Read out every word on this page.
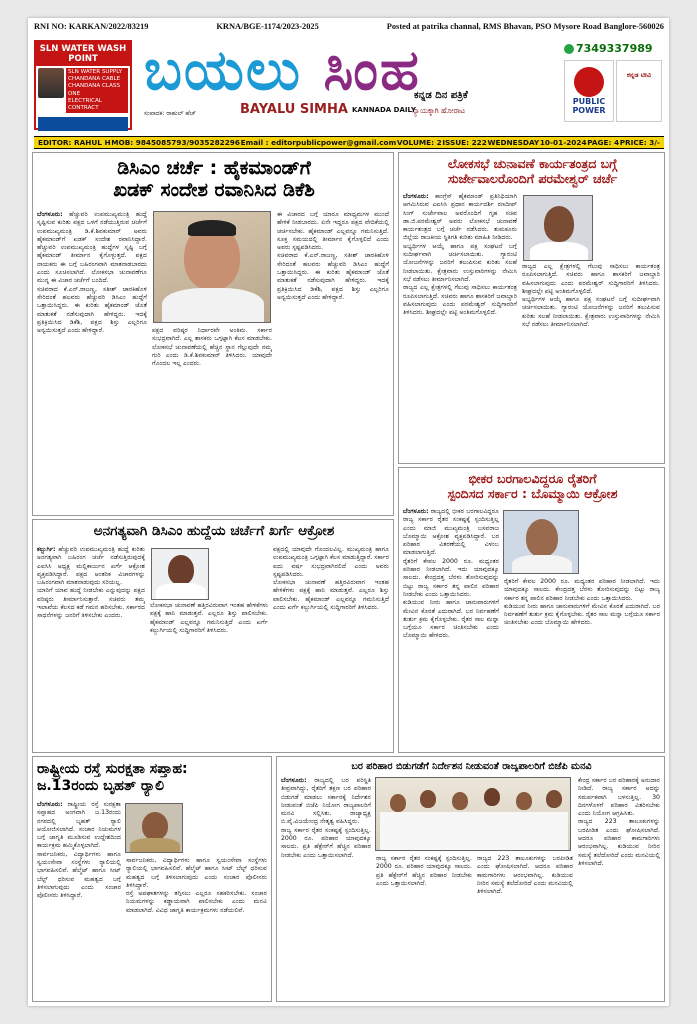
RNI NO: KARKAN/2022/83219	KRNA/BGE-1174/2023-2025	Posted at patrika channal, RMS Bhavan, PSO Mysore Road Banglore-560026
SLN WATER WASH
POINT
SLN WATER SUPPLY
CHANDANA CABLE
CHANDANA CLASS ONE
ELECTRICAL CONTRACT
ಬಯಲು ಸಿಂಹ
ಕನ್ನಡ ದಿನ ಪತ್ರಿಕೆ
ನ್ಯಾಯಕ್ಕಾಗಿ ಹೋರಾಟ
BAYALU SIMHA KANNADA DAILY
ಸಂಪಾದಕ: ರಾಹುಲ್ ಹೆಚ್
7349337989
PUBLIC
POWER
ಕನ್ನಡ ಟೀವಿ
EDITOR: RAHUL H MOB: 9845085793/9035282296 Email : editorpublicpower@gmail.com VOLUME: 2 ISSUE: 222 WEDNESDAY 10-01-2024 PAGE: 4 PRICE: 3/-
ಡಿಸಿಎಂ ಚರ್ಚೆ : ಹೈಕಮಾಂಡ್‌ಗೆ
ಖಡಕ್ ಸಂದೇಶ ರವಾನಿಸಿದ ಡಿಕೆಶಿ

ಬೆಂಗಳೂರು: ಹೆಚ್ಚುವರಿ ಉಪಮುಖ್ಯಮಂತ್ರಿ ಹುದ್ದೆ ಸೃಷ್ಟಿಸುವ ಕುರಿತು ಪಕ್ಷದ ಒಳಗೆ ನಡೆಯುತ್ತಿರುವ ಚರ್ಚೆಗೆ ಉಪಮುಖ್ಯಮಂತ್ರಿ ಡಿ.ಕೆ.ಶಿವಕುಮಾರ್ ಅವರು ಹೈಕಮಾಂಡ್‌ಗೆ ಖಡಕ್ ಸಂದೇಶ ರವಾನಿಸಿದ್ದಾರೆ. ಹೆಚ್ಚುವರಿ ಉಪಮುಖ್ಯಮಂತ್ರಿ ಹುದ್ದೆಗಳ ಸೃಷ್ಟಿ ಬಗ್ಗೆ ಹೈಕಮಾಂಡ್ ತೀರ್ಮಾನ ಕೈಗೊಳ್ಳುತ್ತದೆ. ಪಕ್ಷದ ನಾಯಕರು ಈ ಬಗ್ಗೆ ಬಹಿರಂಗವಾಗಿ ಮಾತನಾಡಬಾರದು ಎಂದು ಸೂಚಿಸಲಾಗಿದೆ. ಲೋಕಸಭಾ ಚುನಾವಣೆಗೂ ಮುನ್ನ ಈ ವಿಚಾರ ಚರ್ಚೆಗೆ ಬಂದಿದೆ.

ಸಚಿವರಾದ ಕೆ.ಎನ್.ರಾಜಣ್ಣ, ಸತೀಶ್ ಜಾರಕಿಹೊಳಿ ಸೇರಿದಂತೆ ಹಲವರು ಹೆಚ್ಚುವರಿ ಡಿಸಿಎಂ ಹುದ್ದೆಗೆ ಒತ್ತಾಯಿಸಿದ್ದರು. ಈ ಕುರಿತು ಹೈಕಮಾಂಡ್ ಜೊತೆ ಮಾತುಕತೆ ನಡೆಸುವುದಾಗಿ ಹೇಳಿದ್ದರು. ಇದಕ್ಕೆ ಪ್ರತಿಕ್ರಿಯಿಸಿದ ಡಿಕೆಶಿ, ಪಕ್ಷದ ಶಿಸ್ತು ಎಲ್ಲರಿಗೂ ಅನ್ವಯಿಸುತ್ತದೆ ಎಂದು ಹೇಳಿದ್ದಾರೆ.	ಪಕ್ಷದ ವರಿಷ್ಠರ ನಿರ್ಧಾರವೇ ಅಂತಿಮ. ಸರ್ಕಾರ ಸುಭದ್ರವಾಗಿದೆ. ಎಲ್ಲ ಶಾಸಕರು ಒಗ್ಗಟ್ಟಾಗಿ ಕೆಲಸ ಮಾಡಬೇಕು. ಲೋಕಸಭೆ ಚುನಾವಣೆಯಲ್ಲಿ ಹೆಚ್ಚಿನ ಸ್ಥಾನ ಗೆಲ್ಲುವುದೇ ನಮ್ಮ ಗುರಿ ಎಂದು ಡಿ.ಕೆ.ಶಿವಕುಮಾರ್ ತಿಳಿಸಿದರು. ಯಾವುದೇ ಗೊಂದಲ ಇಲ್ಲ ಎಂದರು.

ಈ ವಿಚಾರದ ಬಗ್ಗೆ ಯಾರೂ ಮಾಧ್ಯಮಗಳ ಮುಂದೆ ಹೇಳಿಕೆ ನೀಡಬಾರದು. ಏನೇ ಇದ್ದರೂ ಪಕ್ಷದ ವೇದಿಕೆಯಲ್ಲಿ ಚರ್ಚಿಸಬೇಕು. ಹೈಕಮಾಂಡ್ ಎಲ್ಲವನ್ನೂ ಗಮನಿಸುತ್ತಿದೆ. ಸೂಕ್ತ ಸಮಯದಲ್ಲಿ ತೀರ್ಮಾನ ಕೈಗೊಳ್ಳಲಿದೆ ಎಂದು ಅವರು ಸ್ಪಷ್ಟಪಡಿಸಿದರು.

ಸಚಿವರಾದ ಕೆ.ಎನ್.ರಾಜಣ್ಣ, ಸತೀಶ್ ಜಾರಕಿಹೊಳಿ ಸೇರಿದಂತೆ ಹಲವರು ಹೆಚ್ಚುವರಿ ಡಿಸಿಎಂ ಹುದ್ದೆಗೆ ಒತ್ತಾಯಿಸಿದ್ದರು. ಈ ಕುರಿತು ಹೈಕಮಾಂಡ್ ಜೊತೆ ಮಾತುಕತೆ ನಡೆಸುವುದಾಗಿ ಹೇಳಿದ್ದರು. ಇದಕ್ಕೆ ಪ್ರತಿಕ್ರಿಯಿಸಿದ ಡಿಕೆಶಿ, ಪಕ್ಷದ ಶಿಸ್ತು ಎಲ್ಲರಿಗೂ ಅನ್ವಯಿಸುತ್ತದೆ ಎಂದು ಹೇಳಿದ್ದಾರೆ.

ಲೋಕಸಭೆ ಚುನಾವಣೆ ಕಾರ್ಯತಂತ್ರದ ಬಗ್ಗೆ
ಸುರ್ಜೇವಾಲರೊಂದಿಗೆ ಪರಮೇಶ್ವರ್ ಚರ್ಚೆ

ಬೆಂಗಳೂರು: ಕಾಂಗ್ರೆಸ್ ಹೈಕಮಾಂಡ್ ಪ್ರತಿನಿಧಿಯಾಗಿ ಆಗಮಿಸಿರುವ ಎಐಸಿಸಿ ಪ್ರಧಾನ ಕಾರ್ಯದರ್ಶಿ ರಣದೀಪ್ ಸಿಂಗ್ ಸುರ್ಜೇವಾಲ ಅವರೊಂದಿಗೆ ಗೃಹ ಸಚಿವ ಡಾ.ಜಿ.ಪರಮೇಶ್ವರ್ ಅವರು ಲೋಕಸಭೆ ಚುನಾವಣೆ ಕಾರ್ಯತಂತ್ರದ ಬಗ್ಗೆ ಚರ್ಚೆ ನಡೆಸಿದರು. ತುಮಕೂರು ಜಿಲ್ಲೆಯ ರಾಜಕೀಯ ಸ್ಥಿತಿಗತಿ ಕುರಿತು ಮಾಹಿತಿ ನೀಡಿದರು.

ಅಭ್ಯರ್ಥಿಗಳ ಆಯ್ಕೆ ಹಾಗೂ ಪಕ್ಷ ಸಂಘಟನೆ ಬಗ್ಗೆ ಸುದೀರ್ಘವಾಗಿ ಚರ್ಚಿಸಲಾಯಿತು. ಗ್ಯಾರಂಟಿ ಯೋಜನೆಗಳನ್ನು ಜನರಿಗೆ ತಲುಪಿಸುವ ಕುರಿತು ಸಲಹೆ ನೀಡಲಾಯಿತು. ಕ್ಷೇತ್ರವಾರು ಉಸ್ತುವಾರಿಗಳನ್ನು ನೇಮಿಸಿ ಸಭೆ ನಡೆಸಲು ತೀರ್ಮಾನಿಸಲಾಗಿದೆ.

ರಾಜ್ಯದ ಎಲ್ಲ ಕ್ಷೇತ್ರಗಳಲ್ಲಿ ಗೆಲುವು ಸಾಧಿಸಲು ಕಾರ್ಯತಂತ್ರ ರೂಪಿಸಲಾಗುತ್ತಿದೆ. ಸಚಿವರು ಹಾಗೂ ಶಾಸಕರಿಗೆ ಜವಾಬ್ದಾರಿ ವಹಿಸಲಾಗುವುದು ಎಂದು ಪರಮೇಶ್ವರ್ ಸುದ್ದಿಗಾರರಿಗೆ ತಿಳಿಸಿದರು. ಶೀಘ್ರದಲ್ಲೇ ಪಟ್ಟಿ ಅಂತಿಮಗೊಳ್ಳಲಿದೆ.

ರಾಜ್ಯದ ಎಲ್ಲ ಕ್ಷೇತ್ರಗಳಲ್ಲಿ ಗೆಲುವು ಸಾಧಿಸಲು ಕಾರ್ಯತಂತ್ರ ರೂಪಿಸಲಾಗುತ್ತಿದೆ. ಸಚಿವರು ಹಾಗೂ ಶಾಸಕರಿಗೆ ಜವಾಬ್ದಾರಿ ವಹಿಸಲಾಗುವುದು ಎಂದು ಪರಮೇಶ್ವರ್ ಸುದ್ದಿಗಾರರಿಗೆ ತಿಳಿಸಿದರು. ಶೀಘ್ರದಲ್ಲೇ ಪಟ್ಟಿ ಅಂತಿಮಗೊಳ್ಳಲಿದೆ.

ಅಭ್ಯರ್ಥಿಗಳ ಆಯ್ಕೆ ಹಾಗೂ ಪಕ್ಷ ಸಂಘಟನೆ ಬಗ್ಗೆ ಸುದೀರ್ಘವಾಗಿ ಚರ್ಚಿಸಲಾಯಿತು. ಗ್ಯಾರಂಟಿ ಯೋಜನೆಗಳನ್ನು ಜನರಿಗೆ ತಲುಪಿಸುವ ಕುರಿತು ಸಲಹೆ ನೀಡಲಾಯಿತು. ಕ್ಷೇತ್ರವಾರು ಉಸ್ತುವಾರಿಗಳನ್ನು ನೇಮಿಸಿ ಸಭೆ ನಡೆಸಲು ತೀರ್ಮಾನಿಸಲಾಗಿದೆ.

ಭೀಕರ ಬರಗಾಲವಿದ್ದರೂ ರೈತರಿಗೆ
ಸ್ಪಂದಿಸದ ಸರ್ಕಾರ : ಬೊಮ್ಮಾಯಿ ಆಕ್ರೋಶ

ಬೆಂಗಳೂರು: ರಾಜ್ಯದಲ್ಲಿ ಭೀಕರ ಬರಗಾಲವಿದ್ದರೂ ರಾಜ್ಯ ಸರ್ಕಾರ ರೈತರ ಸಂಕಷ್ಟಕ್ಕೆ ಸ್ಪಂದಿಸುತ್ತಿಲ್ಲ ಎಂದು ಮಾಜಿ ಮುಖ್ಯಮಂತ್ರಿ ಬಸವರಾಜ ಬೊಮ್ಮಾಯಿ ಆಕ್ರೋಶ ವ್ಯಕ್ತಪಡಿಸಿದ್ದಾರೆ. ಬರ ಪರಿಹಾರ ವಿತರಣೆಯಲ್ಲಿ ವಿಳಂಬ ಮಾಡಲಾಗುತ್ತಿದೆ.

ರೈತರಿಗೆ ಕೇವಲ 2000 ರೂ. ಮಧ್ಯಂತರ ಪರಿಹಾರ ನೀಡಲಾಗಿದೆ. ಇದು ಯಾವುದಕ್ಕೂ ಸಾಲದು. ಕೇಂದ್ರದತ್ತ ಬೆರಳು ತೋರಿಸುವುದನ್ನು ಬಿಟ್ಟು ರಾಜ್ಯ ಸರ್ಕಾರ ತನ್ನ ಪಾಲಿನ ಪರಿಹಾರ ನೀಡಬೇಕು ಎಂದು ಒತ್ತಾಯಿಸಿದರು.

ಕುಡಿಯುವ ನೀರು ಹಾಗೂ ಜಾನುವಾರುಗಳಿಗೆ ಮೇವಿನ ಕೊರತೆ ಎದುರಾಗಿದೆ. ಬರ ನಿರ್ವಹಣೆಗೆ ತುರ್ತು ಕ್ರಮ ಕೈಗೊಳ್ಳಬೇಕು. ರೈತರ ಸಾಲ ಮನ್ನಾ ಬಗ್ಗೆಯೂ ಸರ್ಕಾರ ಚಿಂತಿಸಬೇಕು ಎಂದು ಬೊಮ್ಮಾಯಿ ಹೇಳಿದರು.

ರೈತರಿಗೆ ಕೇವಲ 2000 ರೂ. ಮಧ್ಯಂತರ ಪರಿಹಾರ ನೀಡಲಾಗಿದೆ. ಇದು ಯಾವುದಕ್ಕೂ ಸಾಲದು. ಕೇಂದ್ರದತ್ತ ಬೆರಳು ತೋರಿಸುವುದನ್ನು ಬಿಟ್ಟು ರಾಜ್ಯ ಸರ್ಕಾರ ತನ್ನ ಪಾಲಿನ ಪರಿಹಾರ ನೀಡಬೇಕು ಎಂದು ಒತ್ತಾಯಿಸಿದರು.

ಕುಡಿಯುವ ನೀರು ಹಾಗೂ ಜಾನುವಾರುಗಳಿಗೆ ಮೇವಿನ ಕೊರತೆ ಎದುರಾಗಿದೆ. ಬರ ನಿರ್ವಹಣೆಗೆ ತುರ್ತು ಕ್ರಮ ಕೈಗೊಳ್ಳಬೇಕು. ರೈತರ ಸಾಲ ಮನ್ನಾ ಬಗ್ಗೆಯೂ ಸರ್ಕಾರ ಚಿಂತಿಸಬೇಕು ಎಂದು ಬೊಮ್ಮಾಯಿ ಹೇಳಿದರು.

ಅನಗತ್ಯವಾಗಿ ಡಿಸಿಎಂ ಹುದ್ದೆಯ ಚರ್ಚೆಗೆ ಖರ್ಗೆ ಆಕ್ರೋಶ

ಕಲ್ಬುರ್ಗಿ: ಹೆಚ್ಚುವರಿ ಉಪಮುಖ್ಯಮಂತ್ರಿ ಹುದ್ದೆ ಕುರಿತು ಅನಗತ್ಯವಾಗಿ ಬಹಿರಂಗ ಚರ್ಚೆ ನಡೆಸುತ್ತಿರುವುದಕ್ಕೆ ಎಐಸಿಸಿ ಅಧ್ಯಕ್ಷ ಮಲ್ಲಿಕಾರ್ಜುನ ಖರ್ಗೆ ಆಕ್ರೋಶ ವ್ಯಕ್ತಪಡಿಸಿದ್ದಾರೆ. ಪಕ್ಷದ ಆಂತರಿಕ ವಿಚಾರಗಳನ್ನು ಬಹಿರಂಗವಾಗಿ ಮಾತನಾಡುವುದು ಸರಿಯಲ್ಲ.

ಯಾರಿಗೆ ಯಾವ ಹುದ್ದೆ ನೀಡಬೇಕು ಎನ್ನುವುದನ್ನು ಪಕ್ಷದ ವರಿಷ್ಠರು ತೀರ್ಮಾನಿಸುತ್ತಾರೆ. ಸಚಿವರು ತಮ್ಮ ಇಲಾಖೆಯ ಕೆಲಸದ ಕಡೆ ಗಮನ ಹರಿಸಬೇಕು. ಸರ್ಕಾರದ ಸಾಧನೆಗಳನ್ನು ಜನರಿಗೆ ತಿಳಿಸಬೇಕು ಎಂದರು.

ಲೋಕಸಭಾ ಚುನಾವಣೆ ಹತ್ತಿರವಿರುವಾಗ ಇಂತಹ ಹೇಳಿಕೆಗಳು ಪಕ್ಷಕ್ಕೆ ಹಾನಿ ಮಾಡುತ್ತವೆ. ಎಲ್ಲರೂ ಶಿಸ್ತು ಪಾಲಿಸಬೇಕು. ಹೈಕಮಾಂಡ್ ಎಲ್ಲವನ್ನೂ ಗಮನಿಸುತ್ತಿದೆ ಎಂದು ಖರ್ಗೆ ಕಲ್ಬುರ್ಗಿಯಲ್ಲಿ ಸುದ್ದಿಗಾರರಿಗೆ ತಿಳಿಸಿದರು.

ಪಕ್ಷದಲ್ಲಿ ಯಾವುದೇ ಗೊಂದಲವಿಲ್ಲ. ಮುಖ್ಯಮಂತ್ರಿ ಹಾಗೂ ಉಪಮುಖ್ಯಮಂತ್ರಿ ಒಗ್ಗಟ್ಟಾಗಿ ಕೆಲಸ ಮಾಡುತ್ತಿದ್ದಾರೆ. ಸರ್ಕಾರ ಐದು ವರ್ಷ ಸುಭದ್ರವಾಗಿರಲಿದೆ ಎಂದು ಅವರು ಸ್ಪಷ್ಟಪಡಿಸಿದರು.

ಲೋಕಸಭಾ ಚುನಾವಣೆ ಹತ್ತಿರವಿರುವಾಗ ಇಂತಹ ಹೇಳಿಕೆಗಳು ಪಕ್ಷಕ್ಕೆ ಹಾನಿ ಮಾಡುತ್ತವೆ. ಎಲ್ಲರೂ ಶಿಸ್ತು ಪಾಲಿಸಬೇಕು. ಹೈಕಮಾಂಡ್ ಎಲ್ಲವನ್ನೂ ಗಮನಿಸುತ್ತಿದೆ ಎಂದು ಖರ್ಗೆ ಕಲ್ಬುರ್ಗಿಯಲ್ಲಿ ಸುದ್ದಿಗಾರರಿಗೆ ತಿಳಿಸಿದರು.

ರಾಷ್ಟ್ರೀಯ ರಸ್ತೆ ಸುರಕ್ಷತಾ ಸಪ್ತಾಹ:
ಜ.13ರಂದು ಬೃಹತ್ ರ‍್ಯಾಲಿ

ಬೆಂಗಳೂರು: ರಾಷ್ಟ್ರೀಯ ರಸ್ತೆ ಸುರಕ್ಷತಾ ಸಪ್ತಾಹದ ಅಂಗವಾಗಿ ಜ.13ರಂದು ನಗರದಲ್ಲಿ ಬೃಹತ್ ರ‍್ಯಾಲಿ ಆಯೋಜಿಸಲಾಗಿದೆ. ಸಂಚಾರ ನಿಯಮಗಳ ಬಗ್ಗೆ ಜಾಗೃತಿ ಮೂಡಿಸುವ ಉದ್ದೇಶದಿಂದ ಕಾರ್ಯಕ್ರಮ ಹಮ್ಮಿಕೊಳ್ಳಲಾಗಿದೆ.

ಸಾರ್ವಜನಿಕರು, ವಿದ್ಯಾರ್ಥಿಗಳು ಹಾಗೂ ಸ್ವಯಂಸೇವಾ ಸಂಸ್ಥೆಗಳು ರ‍್ಯಾಲಿಯಲ್ಲಿ ಭಾಗವಹಿಸಲಿವೆ. ಹೆಲ್ಮೆಟ್ ಹಾಗೂ ಸೀಟ್ ಬೆಲ್ಟ್ ಧರಿಸುವ ಮಹತ್ವದ ಬಗ್ಗೆ ತಿಳಿಸಲಾಗುವುದು ಎಂದು ಸಂಚಾರ ಪೊಲೀಸರು ತಿಳಿಸಿದ್ದಾರೆ.

ಸಾರ್ವಜನಿಕರು, ವಿದ್ಯಾರ್ಥಿಗಳು ಹಾಗೂ ಸ್ವಯಂಸೇವಾ ಸಂಸ್ಥೆಗಳು ರ‍್ಯಾಲಿಯಲ್ಲಿ ಭಾಗವಹಿಸಲಿವೆ. ಹೆಲ್ಮೆಟ್ ಹಾಗೂ ಸೀಟ್ ಬೆಲ್ಟ್ ಧರಿಸುವ ಮಹತ್ವದ ಬಗ್ಗೆ ತಿಳಿಸಲಾಗುವುದು ಎಂದು ಸಂಚಾರ ಪೊಲೀಸರು ತಿಳಿಸಿದ್ದಾರೆ.

ರಸ್ತೆ ಅಪಘಾತಗಳನ್ನು ತಗ್ಗಿಸಲು ಎಲ್ಲರೂ ಸಹಕರಿಸಬೇಕು. ಸಂಚಾರ ನಿಯಮಗಳನ್ನು ಕಡ್ಡಾಯವಾಗಿ ಪಾಲಿಸಬೇಕು ಎಂದು ಮನವಿ ಮಾಡಲಾಗಿದೆ. ವಿವಿಧ ಜಾಗೃತಿ ಕಾರ್ಯಕ್ರಮಗಳು ನಡೆಯಲಿವೆ.

ಬರ ಪರಿಹಾರ ಬಿಡುಗಡೆಗೆ ನಿರ್ದೇಶನ ನೀಡುವಂತೆ ರಾಜ್ಯಪಾಲರಿಗೆ ಬಿಜೆಪಿ ಮನವಿ

ಬೆಂಗಳೂರು: ರಾಜ್ಯದಲ್ಲಿ ಬರ ಪರಿಸ್ಥಿತಿ ತೀವ್ರವಾಗಿದ್ದು, ರೈತರಿಗೆ ತಕ್ಷಣ ಬರ ಪರಿಹಾರ ಬಿಡುಗಡೆ ಮಾಡಲು ಸರ್ಕಾರಕ್ಕೆ ನಿರ್ದೇಶನ ನೀಡುವಂತೆ ಬಿಜೆಪಿ ನಿಯೋಗ ರಾಜ್ಯಪಾಲರಿಗೆ ಮನವಿ ಸಲ್ಲಿಸಿತು. ರಾಜ್ಯಾಧ್ಯಕ್ಷ ಬಿ.ವೈ.ವಿಜಯೇಂದ್ರ ನೇತೃತ್ವ ವಹಿಸಿದ್ದರು.

ರಾಜ್ಯ ಸರ್ಕಾರ ರೈತರ ಸಂಕಷ್ಟಕ್ಕೆ ಸ್ಪಂದಿಸುತ್ತಿಲ್ಲ. 2000 ರೂ. ಪರಿಹಾರ ಯಾವುದಕ್ಕೂ ಸಾಲದು. ಪ್ರತಿ ಹೆಕ್ಟೇರ್‌ಗೆ ಹೆಚ್ಚಿನ ಪರಿಹಾರ ನೀಡಬೇಕು ಎಂದು ಒತ್ತಾಯಿಸಲಾಗಿದೆ.	ರಾಜ್ಯ ಸರ್ಕಾರ ರೈತರ ಸಂಕಷ್ಟಕ್ಕೆ ಸ್ಪಂದಿಸುತ್ತಿಲ್ಲ. 2000 ರೂ. ಪರಿಹಾರ ಯಾವುದಕ್ಕೂ ಸಾಲದು. ಪ್ರತಿ ಹೆಕ್ಟೇರ್‌ಗೆ ಹೆಚ್ಚಿನ ಪರಿಹಾರ ನೀಡಬೇಕು ಎಂದು ಒತ್ತಾಯಿಸಲಾಗಿದೆ.

ರಾಜ್ಯದ 223 ತಾಲೂಕುಗಳನ್ನು ಬರಪೀಡಿತ ಎಂದು ಘೋಷಿಸಲಾಗಿದೆ. ಆದರೂ ಪರಿಹಾರ ಕಾಮಗಾರಿಗಳು ಆರಂಭವಾಗಿಲ್ಲ. ಕುಡಿಯುವ ನೀರಿನ ಸಮಸ್ಯೆ ತಲೆದೋರಿದೆ ಎಂದು ಮನವಿಯಲ್ಲಿ ತಿಳಿಸಲಾಗಿದೆ.

ಕೇಂದ್ರ ಸರ್ಕಾರ ಬರ ಪರಿಹಾರಕ್ಕೆ ಅನುದಾನ ನೀಡಿದೆ. ರಾಜ್ಯ ಸರ್ಕಾರ ಅದನ್ನು ಸಮರ್ಪಕವಾಗಿ ಬಳಸುತ್ತಿಲ್ಲ. 30 ದಿನಗಳೊಳಗೆ ಪರಿಹಾರ ವಿತರಿಸಬೇಕು ಎಂದು ನಿಯೋಗ ಆಗ್ರಹಿಸಿತು.

ರಾಜ್ಯದ 223 ತಾಲೂಕುಗಳನ್ನು ಬರಪೀಡಿತ ಎಂದು ಘೋಷಿಸಲಾಗಿದೆ. ಆದರೂ ಪರಿಹಾರ ಕಾಮಗಾರಿಗಳು ಆರಂಭವಾಗಿಲ್ಲ. ಕುಡಿಯುವ ನೀರಿನ ಸಮಸ್ಯೆ ತಲೆದೋರಿದೆ ಎಂದು ಮನವಿಯಲ್ಲಿ ತಿಳಿಸಲಾಗಿದೆ.
